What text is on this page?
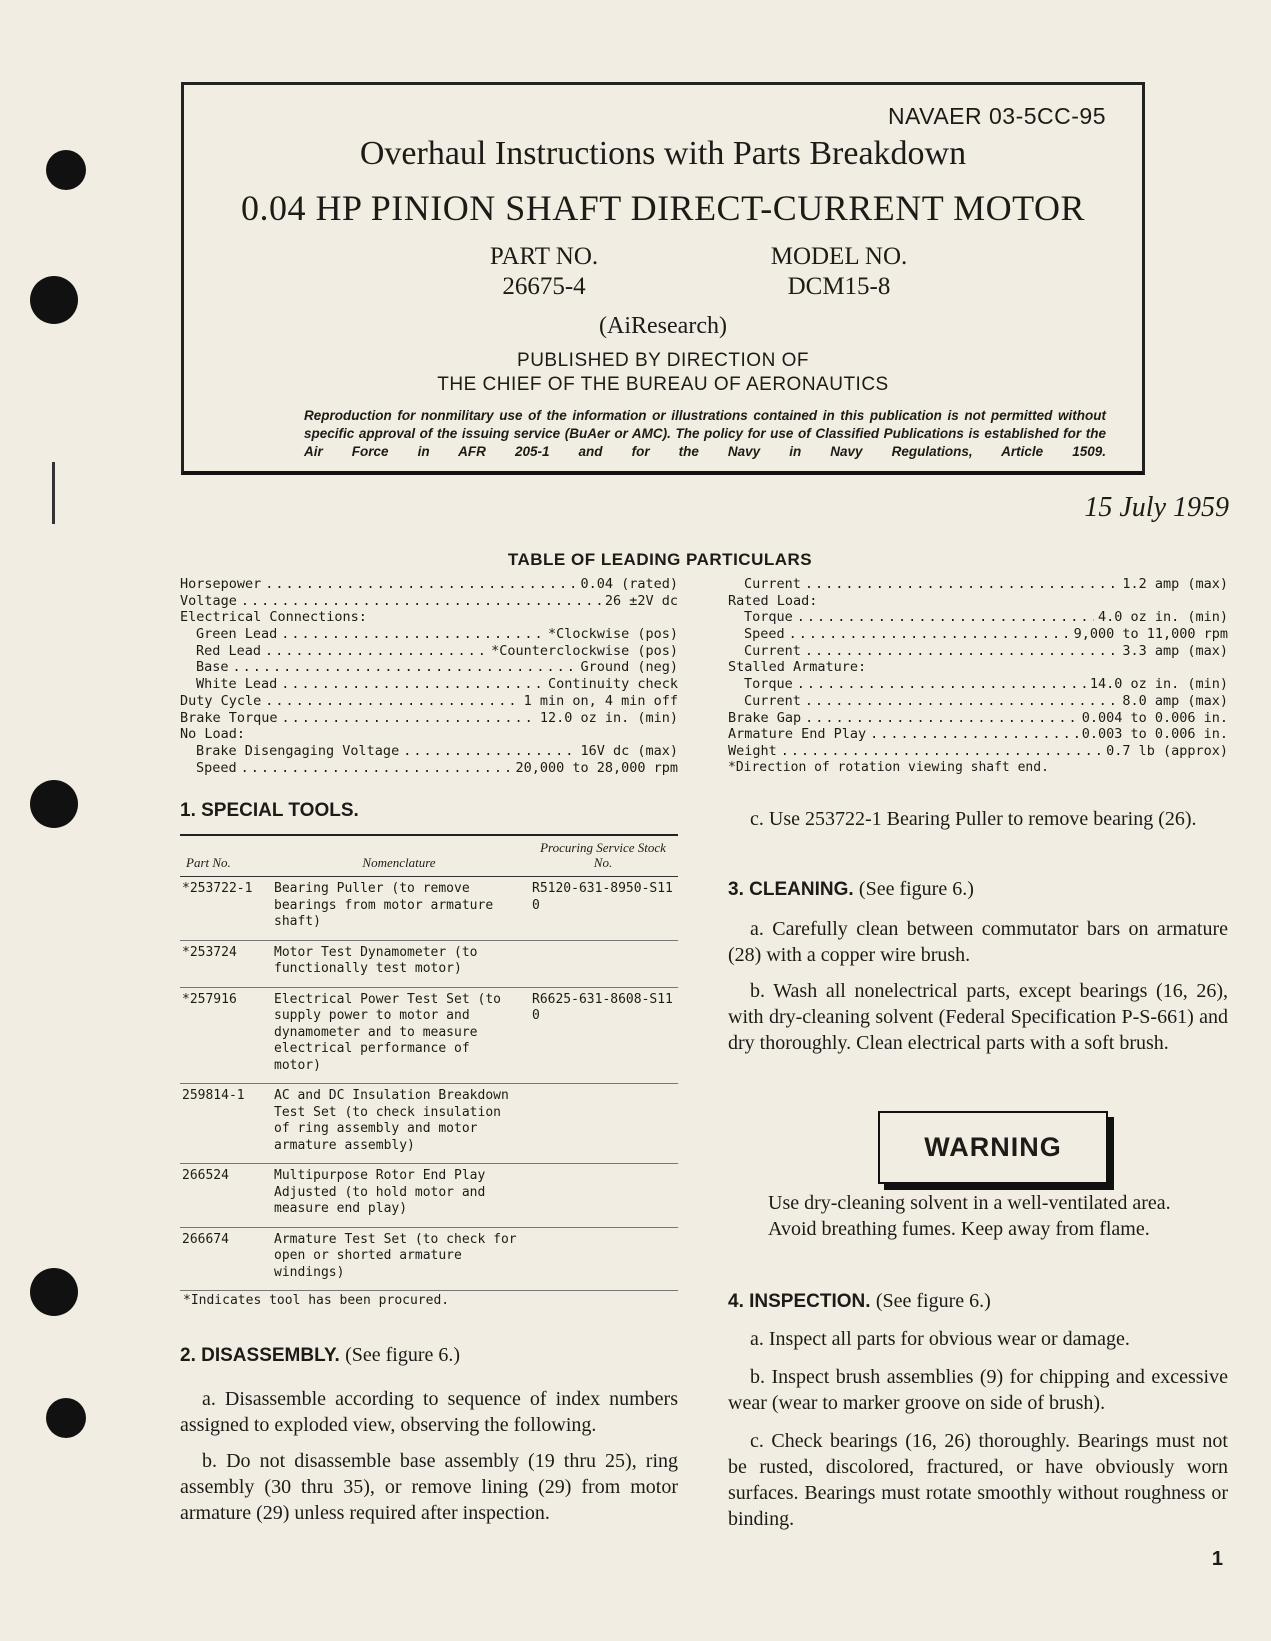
NAVAER 03-5CC-95
Overhaul Instructions with Parts Breakdown
0.04 HP PINION SHAFT DIRECT-CURRENT MOTOR
PART NO.
26675-4
MODEL NO.
DCM15-8
(AiResearch)
PUBLISHED BY DIRECTION OF
THE CHIEF OF THE BUREAU OF AERONAUTICS
Reproduction for nonmilitary use of the information or illustrations contained in this publication is not permitted without specific approval of the issuing service (BuAer or AMC). The policy for use of Classified Publications is established for the Air Force in AFR 205-1 and for the Navy in Navy Regulations, Article 1509.
15 July 1959
TABLE OF LEADING PARTICULARS
Horsepower .....	0.04 (rated)
Voltage .....	26 ±2V dc
Electrical Connections:
Green Lead .....	*Clockwise (pos)
Red Lead .....	*Counterclockwise (pos)
Base .....	Ground (neg)
White Lead .....	Continuity check
Duty Cycle .....	1 min on, 4 min off
Brake Torque .....	12.0 oz in. (min)
No Load:
Brake Disengaging Voltage .....	16V dc (max)
Speed .....	20,000 to 28,000 rpm
Current .....	1.2 amp (max)
Rated Load:
Torque .....	4.0 oz in. (min)
Speed .....	9,000 to 11,000 rpm
Current .....	3.3 amp (max)
Stalled Armature:
Torque .....	14.0 oz in. (min)
Current .....	8.0 amp (max)
Brake Gap .....	0.004 to 0.006 in.
Armature End Play .....	0.003 to 0.006 in.
Weight .....	0.7 lb (approx)
*Direction of rotation viewing shaft end.
1. SPECIAL TOOLS.
Part No.	Nomenclature	Procuring Service Stock No.
*253722-1	Bearing Puller (to remove bearings from motor armature shaft)	R5120-631-8950-S110
*253724	Motor Test Dynamometer (to functionally test motor)	
*257916	Electrical Power Test Set (to supply power to motor and dynamometer and to measure electrical performance of motor)	R6625-631-8608-S110
259814-1	AC and DC Insulation Breakdown Test Set (to check insulation of ring assembly and motor armature assembly)	
266524	Multipurpose Rotor End Play Adjusted (to hold motor and measure end play)	
266674	Armature Test Set (to check for open or shorted armature windings)	
*Indicates tool has been procured.
2. DISASSEMBLY. (See figure 6.)
a. Disassemble according to sequence of index numbers assigned to exploded view, observing the following.
b. Do not disassemble base assembly (19 thru 25), ring assembly (30 thru 35), or remove lining (29) from motor armature (29) unless required after inspection.
c. Use 253722-1 Bearing Puller to remove bearing (26).
3. CLEANING. (See figure 6.)
a. Carefully clean between commutator bars on armature (28) with a copper wire brush.
b. Wash all nonelectrical parts, except bearings (16, 26), with dry-cleaning solvent (Federal Specification P-S-661) and dry thoroughly. Clean electrical parts with a soft brush.
WARNING
Use dry-cleaning solvent in a well-ventilated area. Avoid breathing fumes. Keep away from flame.
4. INSPECTION. (See figure 6.)
a. Inspect all parts for obvious wear or damage.
b. Inspect brush assemblies (9) for chipping and excessive wear (wear to marker groove on side of brush).
c. Check bearings (16, 26) thoroughly. Bearings must not be rusted, discolored, fractured, or have obviously worn surfaces. Bearings must rotate smoothly without roughness or binding.
1
